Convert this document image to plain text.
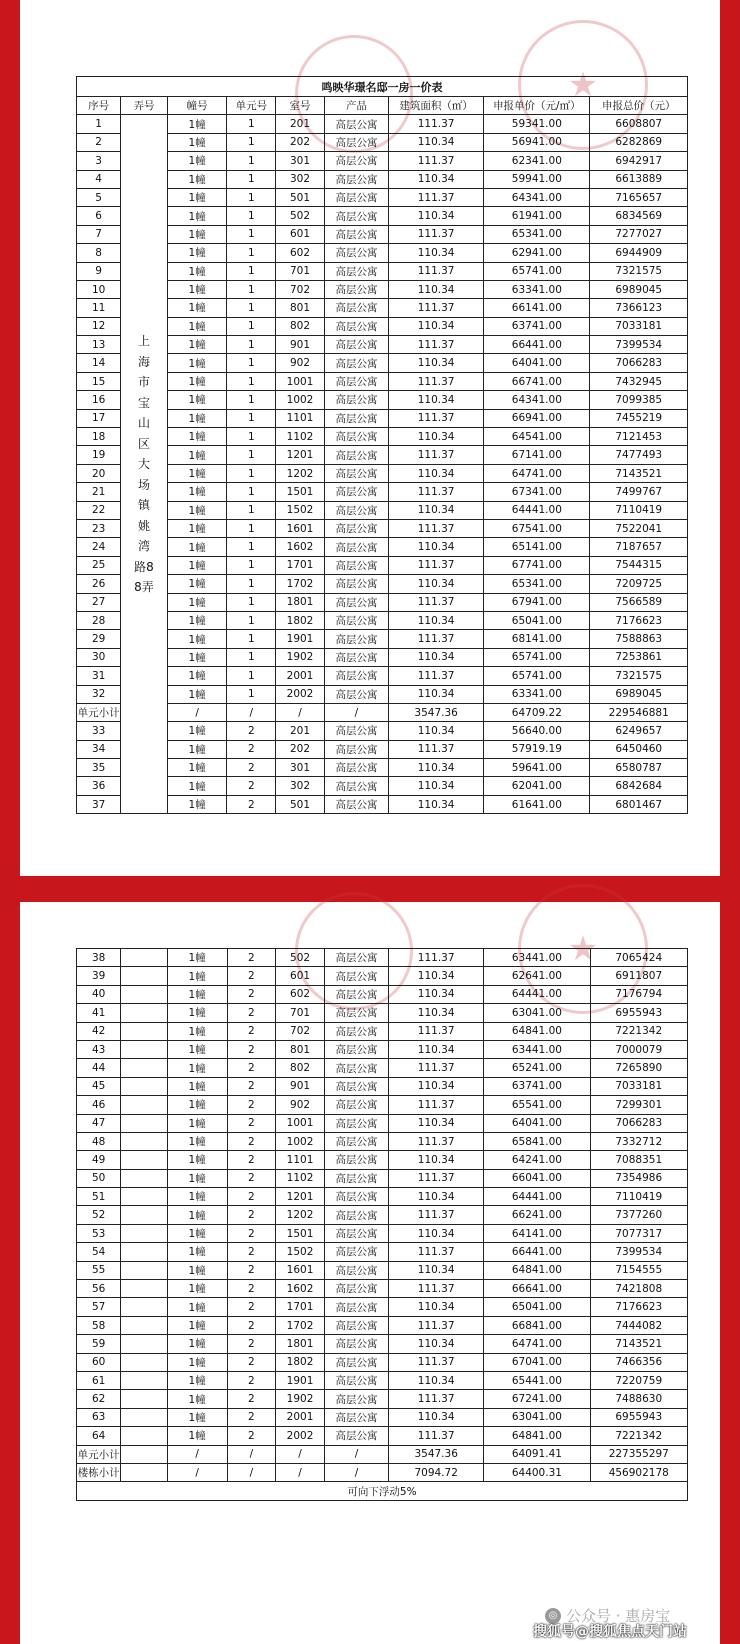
★
鸣映华璟名邸一房一价表								
序号	弄号	幢号	单元号	室号	产品	建筑面积（㎡）	申报单价（元/㎡）	申报总价（元）
1	上海市宝山区大场镇姚湾路88弄	1幢	1	201	高层公寓	111.37	59341.00	6608807
2		1幢	1	202	高层公寓	110.34	56941.00	6282869
3		1幢	1	301	高层公寓	111.37	62341.00	6942917
4		1幢	1	302	高层公寓	110.34	59941.00	6613889
5		1幢	1	501	高层公寓	111.37	64341.00	7165657
6		1幢	1	502	高层公寓	110.34	61941.00	6834569
7		1幢	1	601	高层公寓	111.37	65341.00	7277027
8		1幢	1	602	高层公寓	110.34	62941.00	6944909
9		1幢	1	701	高层公寓	111.37	65741.00	7321575
10		1幢	1	702	高层公寓	110.34	63341.00	6989045
11		1幢	1	801	高层公寓	111.37	66141.00	7366123
12		1幢	1	802	高层公寓	110.34	63741.00	7033181
13		1幢	1	901	高层公寓	111.37	66441.00	7399534
14		1幢	1	902	高层公寓	110.34	64041.00	7066283
15		1幢	1	1001	高层公寓	111.37	66741.00	7432945
16		1幢	1	1002	高层公寓	110.34	64341.00	7099385
17		1幢	1	1101	高层公寓	111.37	66941.00	7455219
18		1幢	1	1102	高层公寓	110.34	64541.00	7121453
19		1幢	1	1201	高层公寓	111.37	67141.00	7477493
20		1幢	1	1202	高层公寓	110.34	64741.00	7143521
21		1幢	1	1501	高层公寓	111.37	67341.00	7499767
22		1幢	1	1502	高层公寓	110.34	64441.00	7110419
23		1幢	1	1601	高层公寓	111.37	67541.00	7522041
24		1幢	1	1602	高层公寓	110.34	65141.00	7187657
25		1幢	1	1701	高层公寓	111.37	67741.00	7544315
26		1幢	1	1702	高层公寓	110.34	65341.00	7209725
27		1幢	1	1801	高层公寓	111.37	67941.00	7566589
28		1幢	1	1802	高层公寓	110.34	65041.00	7176623
29		1幢	1	1901	高层公寓	111.37	68141.00	7588863
30		1幢	1	1902	高层公寓	110.34	65741.00	7253861
31		1幢	1	2001	高层公寓	111.37	65741.00	7321575
32		1幢	1	2002	高层公寓	110.34	63341.00	6989045
单元小计		/	/	/	/	3547.36	64709.22	229546881
33		1幢	2	201	高层公寓	110.34	56640.00	6249657
34		1幢	2	202	高层公寓	111.37	57919.19	6450460
35		1幢	2	301	高层公寓	110.34	59641.00	6580787
36		1幢	2	302	高层公寓	110.34	62041.00	6842684
37		1幢	2	501	高层公寓	110.34	61641.00	6801467
★
38		1幢	2	502	高层公寓	111.37	63441.00	7065424
39		1幢	2	601	高层公寓	110.34	62641.00	6911807
40		1幢	2	602	高层公寓	110.34	64441.00	7176794
41		1幢	2	701	高层公寓	110.34	63041.00	6955943
42		1幢	2	702	高层公寓	111.37	64841.00	7221342
43		1幢	2	801	高层公寓	110.34	63441.00	7000079
44		1幢	2	802	高层公寓	111.37	65241.00	7265890
45		1幢	2	901	高层公寓	110.34	63741.00	7033181
46		1幢	2	902	高层公寓	111.37	65541.00	7299301
47		1幢	2	1001	高层公寓	110.34	64041.00	7066283
48		1幢	2	1002	高层公寓	111.37	65841.00	7332712
49		1幢	2	1101	高层公寓	110.34	64241.00	7088351
50		1幢	2	1102	高层公寓	111.37	66041.00	7354986
51		1幢	2	1201	高层公寓	110.34	64441.00	7110419
52		1幢	2	1202	高层公寓	111.37	66241.00	7377260
53		1幢	2	1501	高层公寓	110.34	64141.00	7077317
54		1幢	2	1502	高层公寓	111.37	66441.00	7399534
55		1幢	2	1601	高层公寓	110.34	64841.00	7154555
56		1幢	2	1602	高层公寓	111.37	66641.00	7421808
57		1幢	2	1701	高层公寓	110.34	65041.00	7176623
58		1幢	2	1702	高层公寓	111.37	66841.00	7444082
59		1幢	2	1801	高层公寓	110.34	64741.00	7143521
60		1幢	2	1802	高层公寓	111.37	67041.00	7466356
61		1幢	2	1901	高层公寓	110.34	65441.00	7220759
62		1幢	2	1902	高层公寓	111.37	67241.00	7488630
63		1幢	2	2001	高层公寓	110.34	63041.00	6955943
64		1幢	2	2002	高层公寓	111.37	64841.00	7221342
单元小计		/	/	/	/	3547.36	64091.41	227355297
楼栋小计		/	/	/	/	7094.72	64400.31	456902178
可向下浮动5%								
◎ 公众号 · 惠房宝
搜狐号@搜狐焦点天门站
